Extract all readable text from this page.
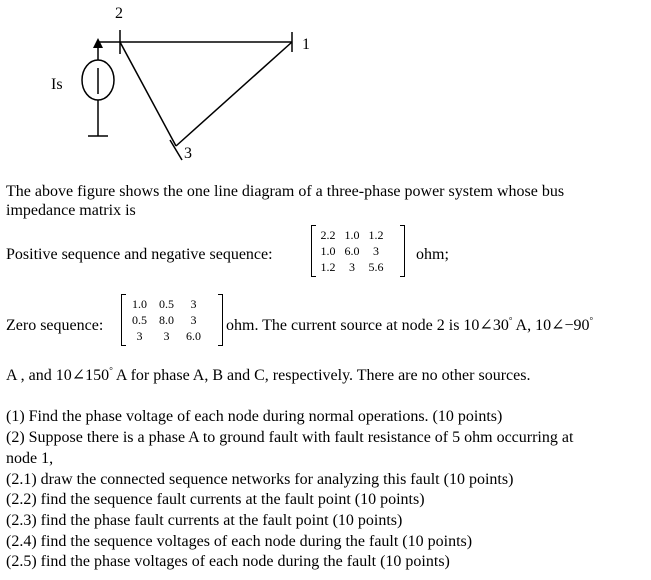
2
1
3
Is
The above figure shows the one line diagram of a three-phase power system whose bus
impedance matrix is
Positive sequence and negative sequence:
2.2 1.0 1.2
1.0 6.0	3
1.2	3	5.6
ohm;
Zero sequence:
1.0	0.5	3
0.5	8.0	3
3	3	6.0
ohm. The current source at node 2 is 10∠30° A, 10∠−90°
A , and 10∠150° A for phase A, B and C, respectively. There are no other sources.
(1) Find the phase voltage of each node during normal operations. (10 points)
(2) Suppose there is a phase A to ground fault with fault resistance of 5 ohm occurring at
node 1,
(2.1) draw the connected sequence networks for analyzing this fault (10 points)
(2.2) find the sequence fault currents at the fault point (10 points)
(2.3) find the phase fault currents at the fault point (10 points)
(2.4) find the sequence voltages of each node during the fault (10 points)
(2.5) find the phase voltages of each node during the fault (10 points)
